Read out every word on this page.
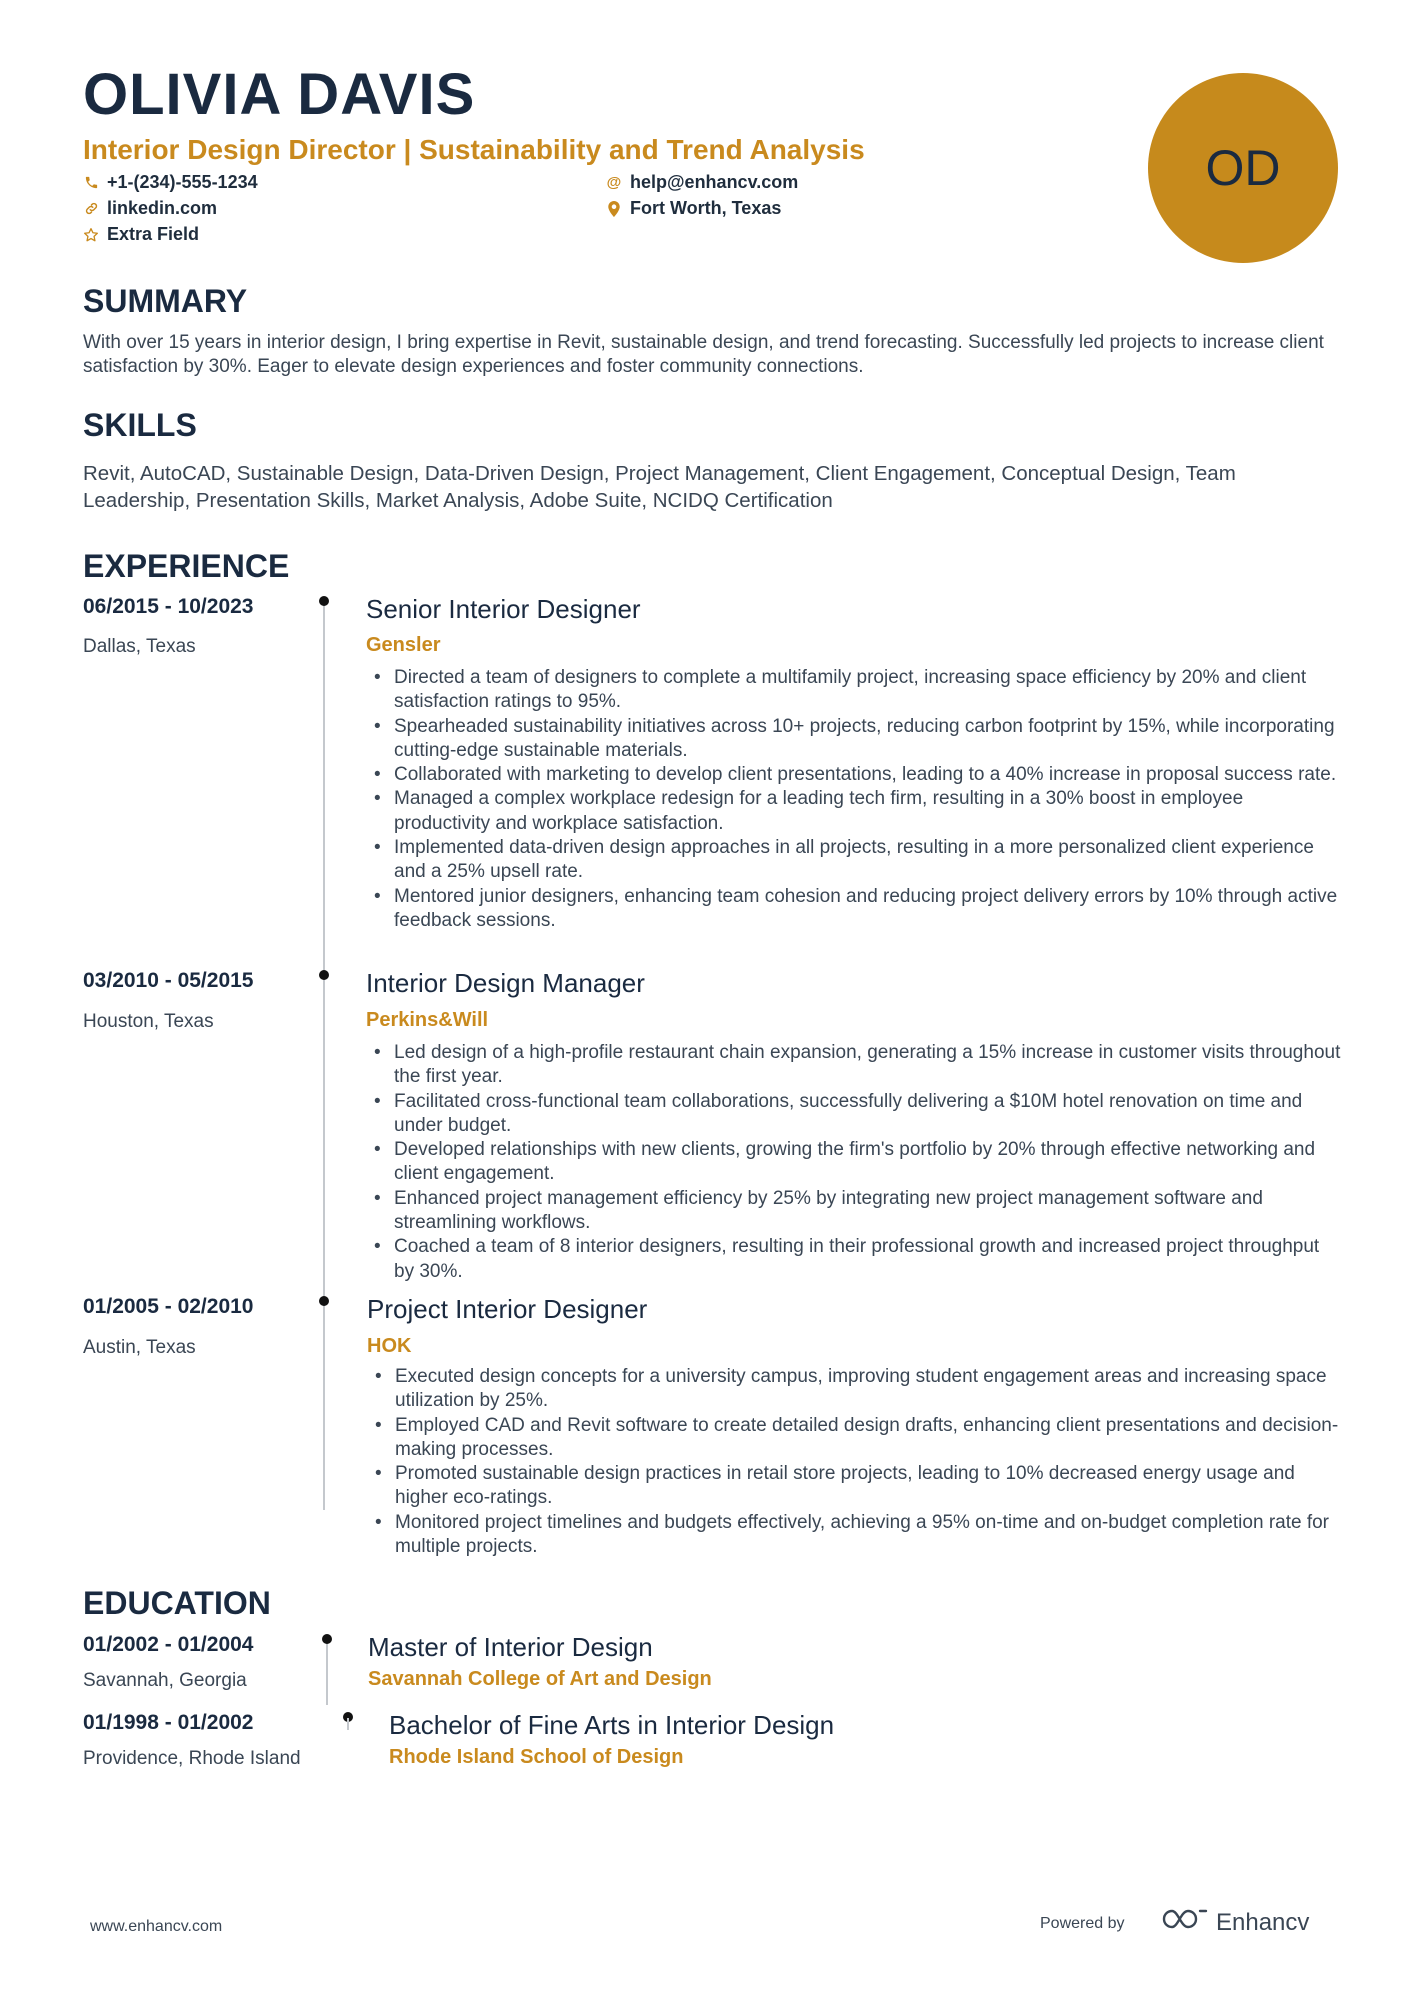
OLIVIA DAVIS
Interior Design Director | Sustainability and Trend Analysis
+1-(234)-555-1234	@ help@enhancv.com
linkedin.com	Fort Worth, Texas
Extra Field
OD
SUMMARY

With over 15 years in interior design, I bring expertise in Revit, sustainable design, and trend forecasting. Successfully led projects to increase client satisfaction by 30%. Eager to elevate design experiences and foster community connections.

SKILLS

Revit, AutoCAD, Sustainable Design, Data-Driven Design, Project Management, Client Engagement, Conceptual Design, Team Leadership, Presentation Skills, Market Analysis, Adobe Suite, NCIDQ Certification

EXPERIENCE
06/2015 - 10/2023
Dallas, Texas
Senior Interior Designer
Gensler
• Directed a team of designers to complete a multifamily project, increasing space efficiency by 20% and client satisfaction ratings to 95%.
• Spearheaded sustainability initiatives across 10+ projects, reducing carbon footprint by 15%, while incorporating cutting-edge sustainable materials.
• Collaborated with marketing to develop client presentations, leading to a 40% increase in proposal success rate.
• Managed a complex workplace redesign for a leading tech firm, resulting in a 30% boost in employee productivity and workplace satisfaction.
• Implemented data-driven design approaches in all projects, resulting in a more personalized client experience and a 25% upsell rate.
• Mentored junior designers, enhancing team cohesion and reducing project delivery errors by 10% through active feedback sessions.
03/2010 - 05/2015
Houston, Texas
Interior Design Manager
Perkins&Will
• Led design of a high-profile restaurant chain expansion, generating a 15% increase in customer visits throughout the first year.
• Facilitated cross-functional team collaborations, successfully delivering a $10M hotel renovation on time and under budget.
• Developed relationships with new clients, growing the firm's portfolio by 20% through effective networking and client engagement.
• Enhanced project management efficiency by 25% by integrating new project management software and streamlining workflows.
• Coached a team of 8 interior designers, resulting in their professional growth and increased project throughput by 30%.
01/2005 - 02/2010
Austin, Texas
Project Interior Designer
HOK
• Executed design concepts for a university campus, improving student engagement areas and increasing space utilization by 25%.
• Employed CAD and Revit software to create detailed design drafts, enhancing client presentations and decision-making processes.
• Promoted sustainable design practices in retail store projects, leading to 10% decreased energy usage and higher eco-ratings.
• Monitored project timelines and budgets effectively, achieving a 95% on-time and on-budget completion rate for multiple projects.
EDUCATION
01/2002 - 01/2004
Savannah, Georgia
Master of Interior Design
Savannah College of Art and Design
01/1998 - 01/2002
Providence, Rhode Island
Bachelor of Fine Arts in Interior Design
Rhode Island School of Design
www.enhancv.com	Powered by	Enhancv
